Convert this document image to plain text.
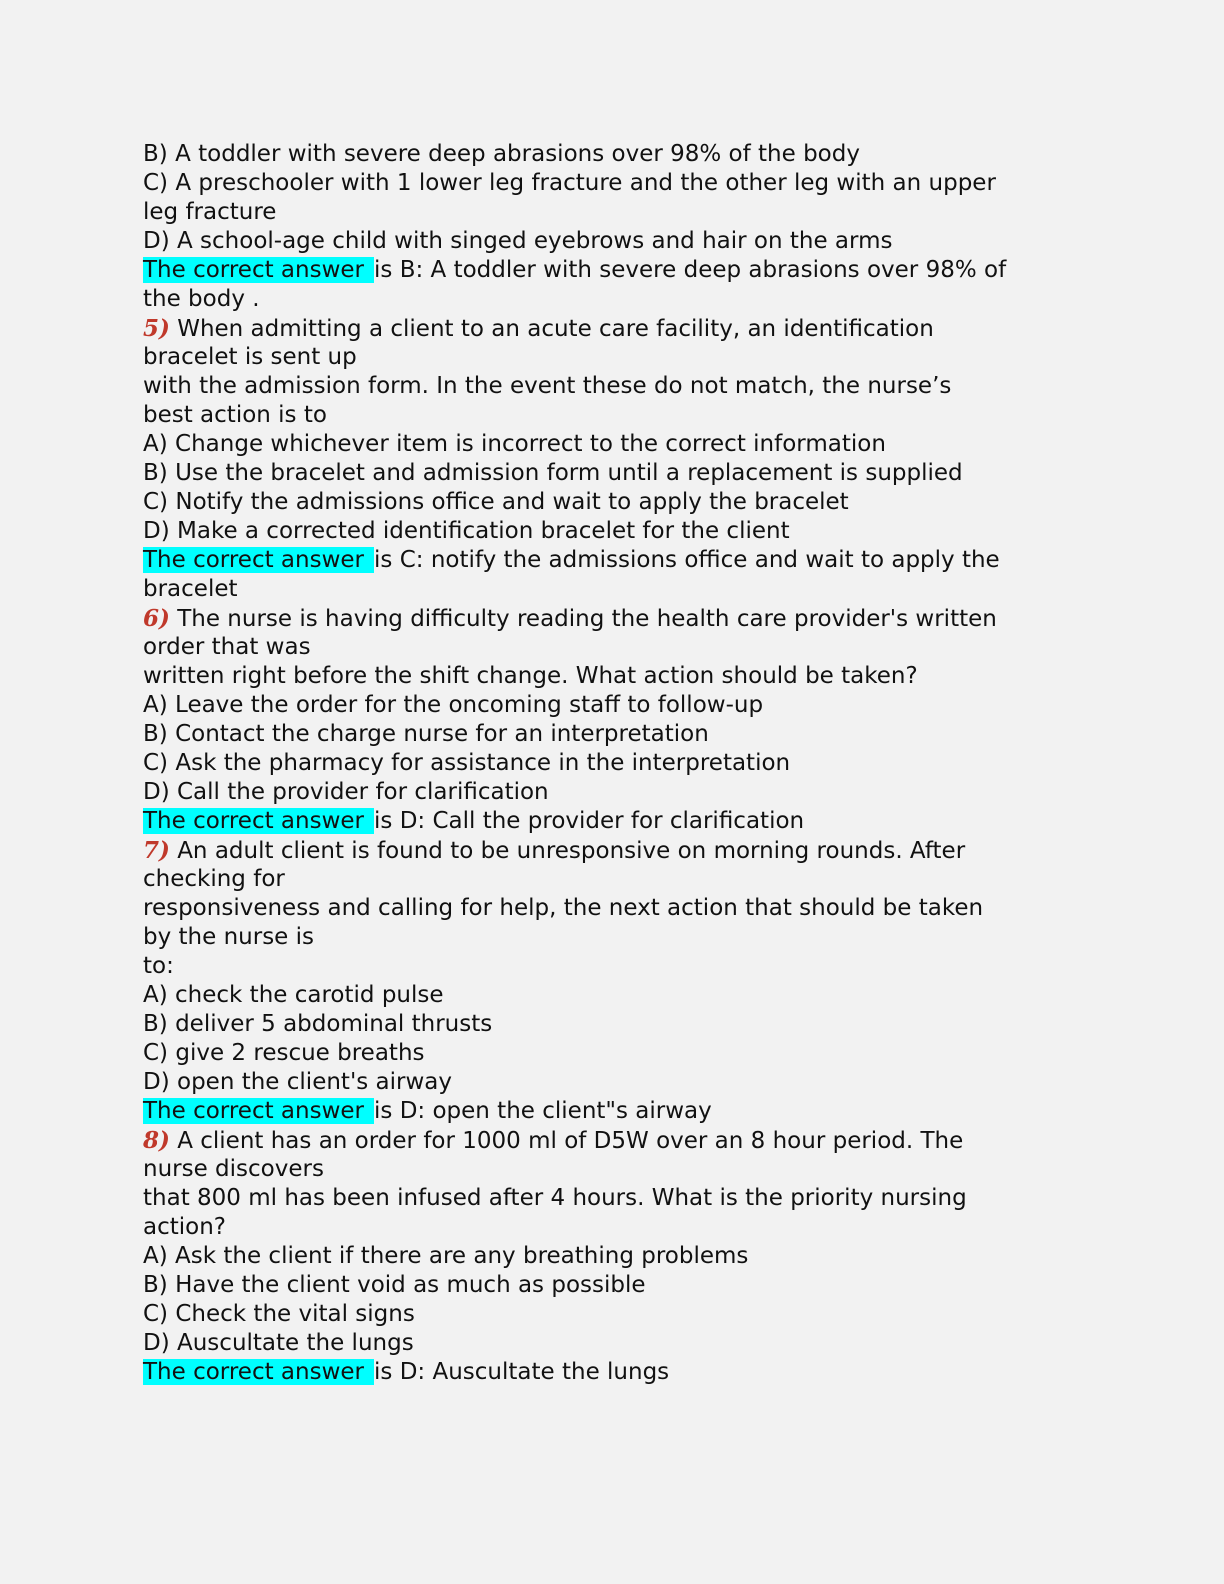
B) A toddler with severe deep abrasions over 98% of the body
C) A preschooler with 1 lower leg fracture and the other leg with an upper
leg fracture
D) A school-age child with singed eyebrows and hair on the arms
The correct answer is B: A toddler with severe deep abrasions over 98% of
the body .
5) When admitting a client to an acute care facility, an identification
bracelet is sent up
with the admission form. In the event these do not match, the nurse’s
best action is to
A) Change whichever item is incorrect to the correct information
B) Use the bracelet and admission form until a replacement is supplied
C) Notify the admissions office and wait to apply the bracelet
D) Make a corrected identification bracelet for the client
The correct answer is C: notify the admissions office and wait to apply the
bracelet
6) The nurse is having difficulty reading the health care provider's written
order that was
written right before the shift change. What action should be taken?
A) Leave the order for the oncoming staff to follow-up
B) Contact the charge nurse for an interpretation
C) Ask the pharmacy for assistance in the interpretation
D) Call the provider for clarification
The correct answer is D: Call the provider for clarification
7) An adult client is found to be unresponsive on morning rounds. After
checking for
responsiveness and calling for help, the next action that should be taken
by the nurse is
to:
A) check the carotid pulse
B) deliver 5 abdominal thrusts
C) give 2 rescue breaths
D) open the client's airway
The correct answer is D: open the client"s airway
8) A client has an order for 1000 ml of D5W over an 8 hour period. The
nurse discovers
that 800 ml has been infused after 4 hours. What is the priority nursing
action?
A) Ask the client if there are any breathing problems
B) Have the client void as much as possible
C) Check the vital signs
D) Auscultate the lungs
The correct answer is D: Auscultate the lungs
